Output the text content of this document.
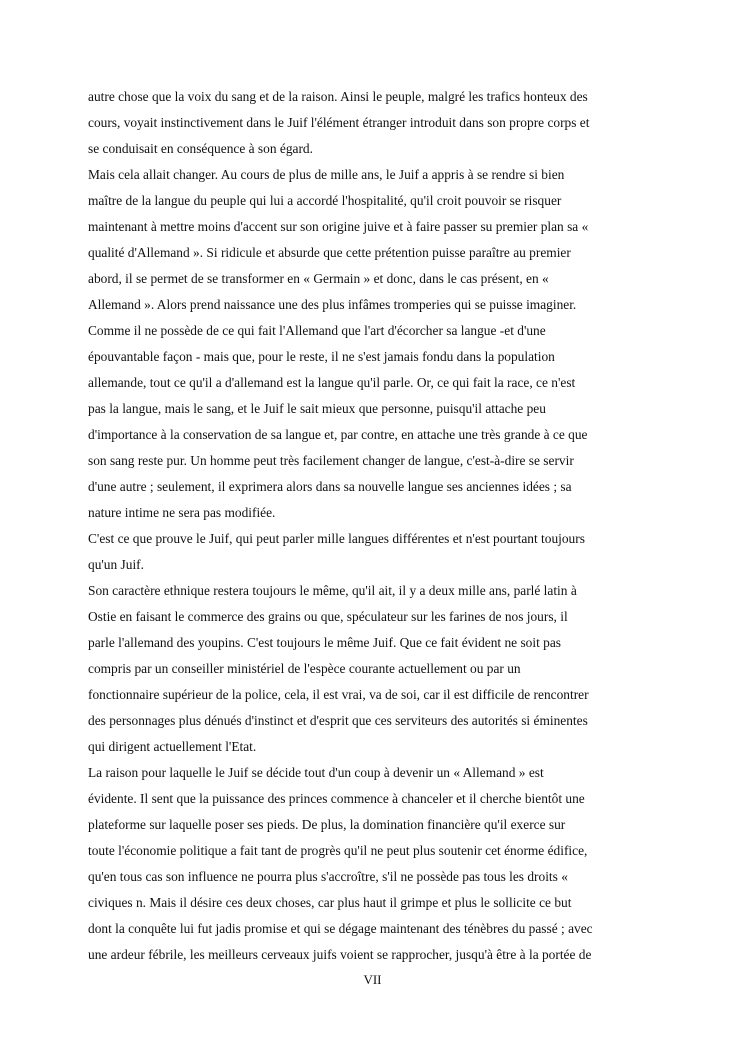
autre chose que la voix du sang et de la raison. Ainsi le peuple, malgré les trafics honteux des
cours, voyait instinctivement dans le Juif l'élément étranger introduit dans son propre corps et
se conduisait en conséquence à son égard.
Mais cela allait changer. Au cours de plus de mille ans, le Juif a appris à se rendre si bien
maître de la langue du peuple qui lui a accordé l'hospitalité, qu'il croit pouvoir se risquer
maintenant à mettre moins d'accent sur son origine juive et à faire passer su premier plan sa «
qualité d'Allemand ». Si ridicule et absurde que cette prétention puisse paraître au premier
abord, il se permet de se transformer en « Germain » et donc, dans le cas présent, en «
Allemand ». Alors prend naissance une des plus infâmes tromperies qui se puisse imaginer.
Comme il ne possède de ce qui fait l'Allemand que l'art d'écorcher sa langue -et d'une
épouvantable façon - mais que, pour le reste, il ne s'est jamais fondu dans la population
allemande, tout ce qu'il a d'allemand est la langue qu'il parle. Or, ce qui fait la race, ce n'est
pas la langue, mais le sang, et le Juif le sait mieux que personne, puisqu'il attache peu
d'importance à la conservation de sa langue et, par contre, en attache une très grande à ce que
son sang reste pur. Un homme peut très facilement changer de langue, c'est-à-dire se servir
d'une autre ; seulement, il exprimera alors dans sa nouvelle langue ses anciennes idées ; sa
nature intime ne sera pas modifiée.
C'est ce que prouve le Juif, qui peut parler mille langues différentes et n'est pourtant toujours
qu'un Juif.
Son caractère ethnique restera toujours le même, qu'il ait, il y a deux mille ans, parlé latin à
Ostie en faisant le commerce des grains ou que, spéculateur sur les farines de nos jours, il
parle l'allemand des youpins. C'est toujours le même Juif. Que ce fait évident ne soit pas
compris par un conseiller ministériel de l'espèce courante actuellement ou par un
fonctionnaire supérieur de la police, cela, il est vrai, va de soi, car il est difficile de rencontrer
des personnages plus dénués d'instinct et d'esprit que ces serviteurs des autorités si éminentes
qui dirigent actuellement l'Etat.
La raison pour laquelle le Juif se décide tout d'un coup à devenir un « Allemand » est
évidente. Il sent que la puissance des princes commence à chanceler et il cherche bientôt une
plateforme sur laquelle poser ses pieds. De plus, la domination financière qu'il exerce sur
toute l'économie politique a fait tant de progrès qu'il ne peut plus soutenir cet énorme édifice,
qu'en tous cas son influence ne pourra plus s'accroître, s'il ne possède pas tous les droits «
civiques n. Mais il désire ces deux choses, car plus haut il grimpe et plus le sollicite ce but
dont la conquête lui fut jadis promise et qui se dégage maintenant des ténèbres du passé ; avec
une ardeur fébrile, les meilleurs cerveaux juifs voient se rapprocher, jusqu'à être à la portée de
VII
